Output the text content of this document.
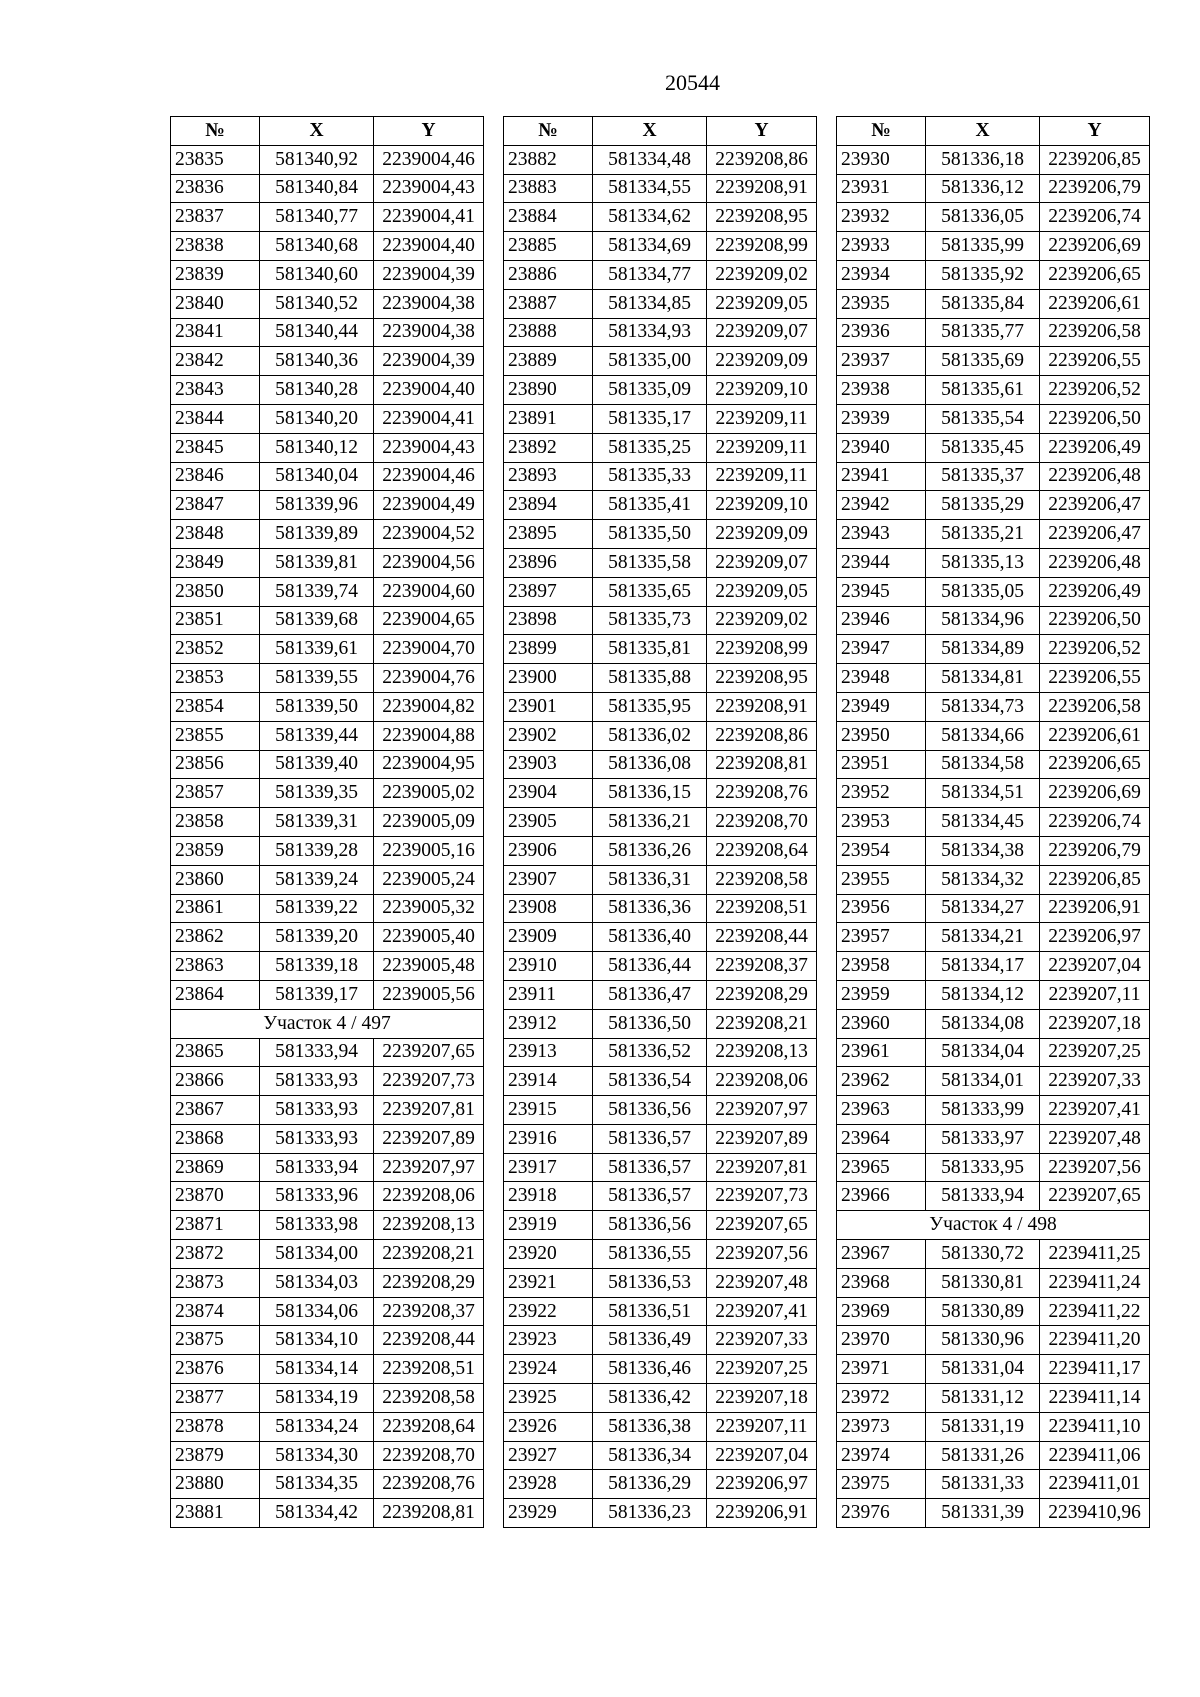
20544
№	X	Y
23835	581340,92	2239004,46
23836	581340,84	2239004,43
23837	581340,77	2239004,41
23838	581340,68	2239004,40
23839	581340,60	2239004,39
23840	581340,52	2239004,38
23841	581340,44	2239004,38
23842	581340,36	2239004,39
23843	581340,28	2239004,40
23844	581340,20	2239004,41
23845	581340,12	2239004,43
23846	581340,04	2239004,46
23847	581339,96	2239004,49
23848	581339,89	2239004,52
23849	581339,81	2239004,56
23850	581339,74	2239004,60
23851	581339,68	2239004,65
23852	581339,61	2239004,70
23853	581339,55	2239004,76
23854	581339,50	2239004,82
23855	581339,44	2239004,88
23856	581339,40	2239004,95
23857	581339,35	2239005,02
23858	581339,31	2239005,09
23859	581339,28	2239005,16
23860	581339,24	2239005,24
23861	581339,22	2239005,32
23862	581339,20	2239005,40
23863	581339,18	2239005,48
23864	581339,17	2239005,56
Участок 4 / 497		
23865	581333,94	2239207,65
23866	581333,93	2239207,73
23867	581333,93	2239207,81
23868	581333,93	2239207,89
23869	581333,94	2239207,97
23870	581333,96	2239208,06
23871	581333,98	2239208,13
23872	581334,00	2239208,21
23873	581334,03	2239208,29
23874	581334,06	2239208,37
23875	581334,10	2239208,44
23876	581334,14	2239208,51
23877	581334,19	2239208,58
23878	581334,24	2239208,64
23879	581334,30	2239208,70
23880	581334,35	2239208,76
23881	581334,42	2239208,81
№	X	Y
23882	581334,48	2239208,86
23883	581334,55	2239208,91
23884	581334,62	2239208,95
23885	581334,69	2239208,99
23886	581334,77	2239209,02
23887	581334,85	2239209,05
23888	581334,93	2239209,07
23889	581335,00	2239209,09
23890	581335,09	2239209,10
23891	581335,17	2239209,11
23892	581335,25	2239209,11
23893	581335,33	2239209,11
23894	581335,41	2239209,10
23895	581335,50	2239209,09
23896	581335,58	2239209,07
23897	581335,65	2239209,05
23898	581335,73	2239209,02
23899	581335,81	2239208,99
23900	581335,88	2239208,95
23901	581335,95	2239208,91
23902	581336,02	2239208,86
23903	581336,08	2239208,81
23904	581336,15	2239208,76
23905	581336,21	2239208,70
23906	581336,26	2239208,64
23907	581336,31	2239208,58
23908	581336,36	2239208,51
23909	581336,40	2239208,44
23910	581336,44	2239208,37
23911	581336,47	2239208,29
23912	581336,50	2239208,21
23913	581336,52	2239208,13
23914	581336,54	2239208,06
23915	581336,56	2239207,97
23916	581336,57	2239207,89
23917	581336,57	2239207,81
23918	581336,57	2239207,73
23919	581336,56	2239207,65
23920	581336,55	2239207,56
23921	581336,53	2239207,48
23922	581336,51	2239207,41
23923	581336,49	2239207,33
23924	581336,46	2239207,25
23925	581336,42	2239207,18
23926	581336,38	2239207,11
23927	581336,34	2239207,04
23928	581336,29	2239206,97
23929	581336,23	2239206,91
№	X	Y
23930	581336,18	2239206,85
23931	581336,12	2239206,79
23932	581336,05	2239206,74
23933	581335,99	2239206,69
23934	581335,92	2239206,65
23935	581335,84	2239206,61
23936	581335,77	2239206,58
23937	581335,69	2239206,55
23938	581335,61	2239206,52
23939	581335,54	2239206,50
23940	581335,45	2239206,49
23941	581335,37	2239206,48
23942	581335,29	2239206,47
23943	581335,21	2239206,47
23944	581335,13	2239206,48
23945	581335,05	2239206,49
23946	581334,96	2239206,50
23947	581334,89	2239206,52
23948	581334,81	2239206,55
23949	581334,73	2239206,58
23950	581334,66	2239206,61
23951	581334,58	2239206,65
23952	581334,51	2239206,69
23953	581334,45	2239206,74
23954	581334,38	2239206,79
23955	581334,32	2239206,85
23956	581334,27	2239206,91
23957	581334,21	2239206,97
23958	581334,17	2239207,04
23959	581334,12	2239207,11
23960	581334,08	2239207,18
23961	581334,04	2239207,25
23962	581334,01	2239207,33
23963	581333,99	2239207,41
23964	581333,97	2239207,48
23965	581333,95	2239207,56
23966	581333,94	2239207,65
Участок 4 / 498		
23967	581330,72	2239411,25
23968	581330,81	2239411,24
23969	581330,89	2239411,22
23970	581330,96	2239411,20
23971	581331,04	2239411,17
23972	581331,12	2239411,14
23973	581331,19	2239411,10
23974	581331,26	2239411,06
23975	581331,33	2239411,01
23976	581331,39	2239410,96
